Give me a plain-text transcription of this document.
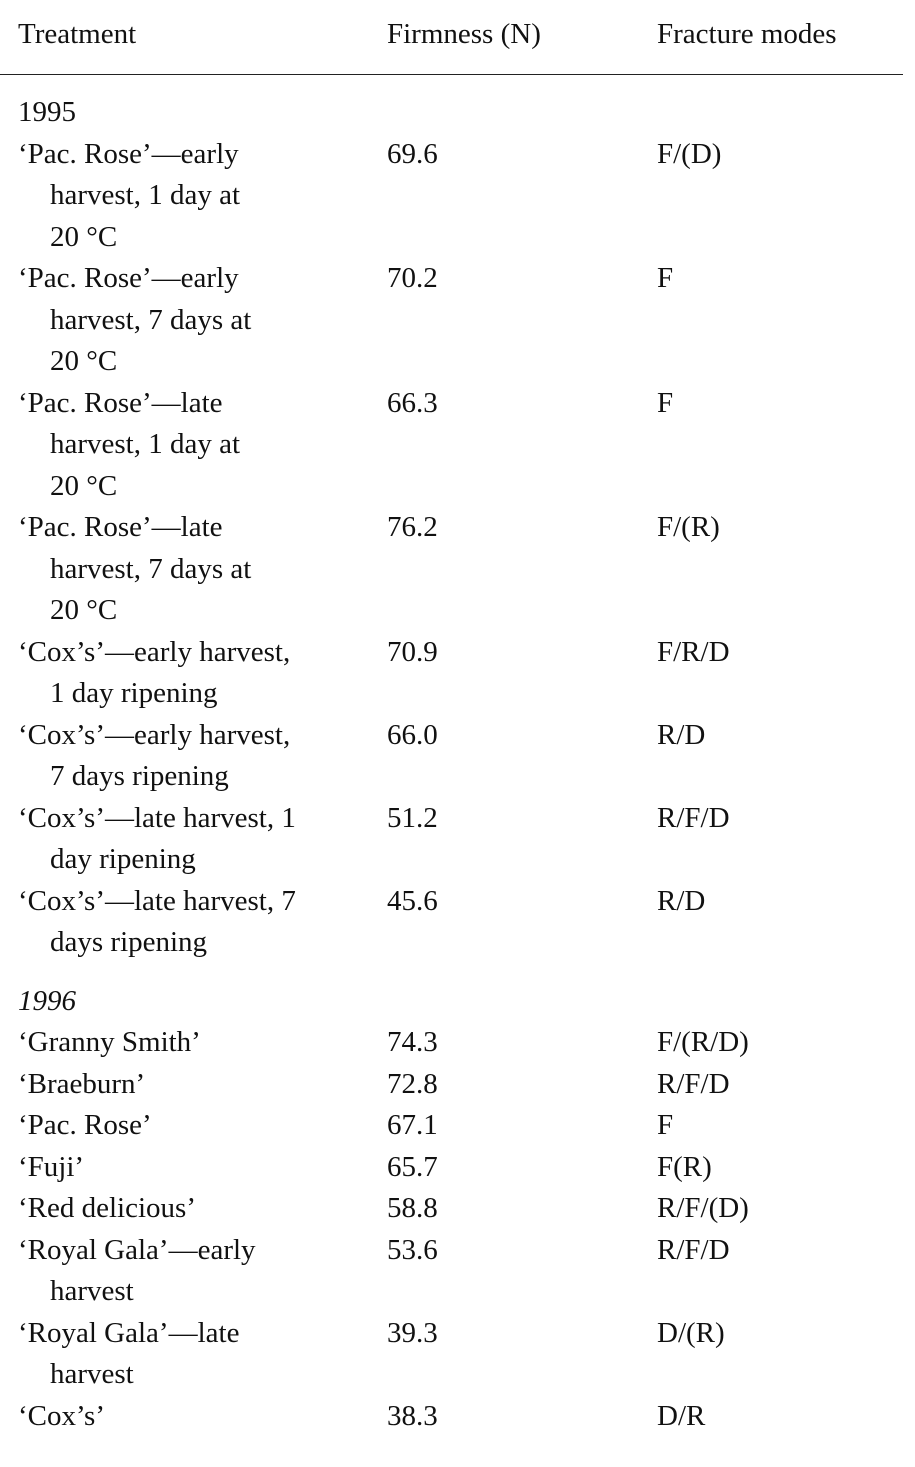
Treatment	Firmness (N)	Fracture modes
1995
‘Pac. Rose’—early
harvest, 1 day at
20 °C
69.6	F/(D)
‘Pac. Rose’—early
harvest, 7 days at
20 °C
70.2	F
‘Pac. Rose’—late
harvest, 1 day at
20 °C
66.3	F
‘Pac. Rose’—late
harvest, 7 days at
20 °C
76.2	F/(R)
‘Cox’s’—early harvest,
1 day ripening
70.9	F/R/D
‘Cox’s’—early harvest,
7 days ripening
66.0	R/D
‘Cox’s’—late harvest, 1
day ripening
51.2	R/F/D
‘Cox’s’—late harvest, 7
days ripening
45.6	R/D
1996
‘Granny Smith’	74.3	F/(R/D)
‘Braeburn’	72.8	R/F/D
‘Pac. Rose’	67.1	F
‘Fuji’	65.7	F(R)
‘Red delicious’	58.8	R/F/(D)
‘Royal Gala’—early
harvest
53.6	R/F/D
‘Royal Gala’—late
harvest
39.3	D/(R)
‘Cox’s’	38.3	D/R
